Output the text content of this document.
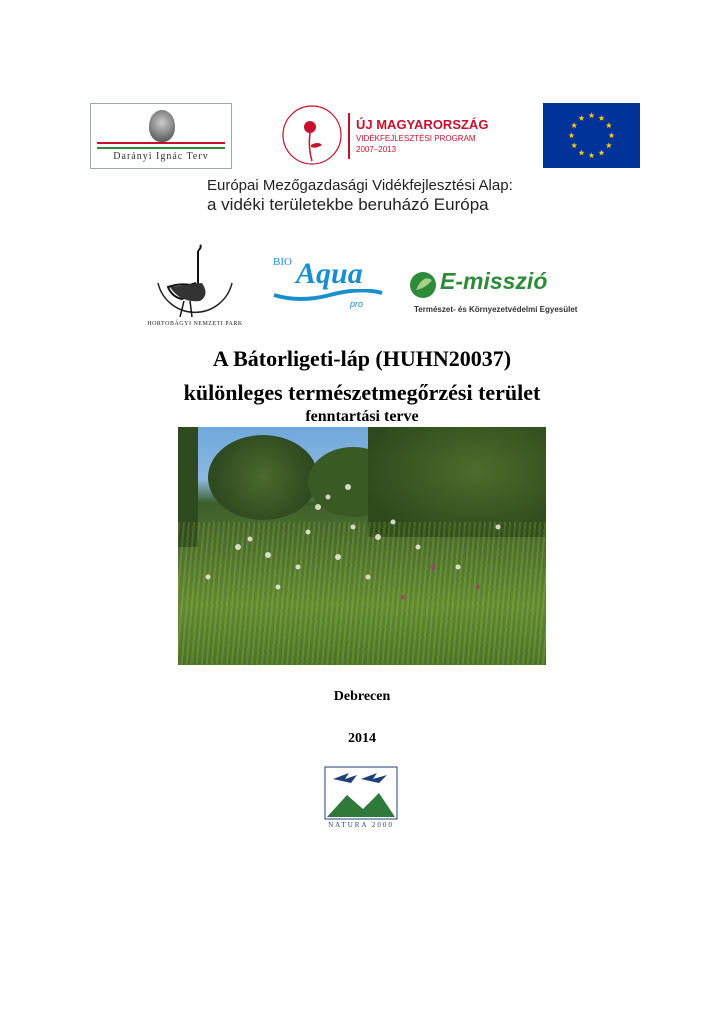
Darányi Ignác Terv
ÚJ MAGYARORSZÁG
VIDÉKFEJLESZTÉSI PROGRAM
2007–2013
Európai Mezőgazdasági Vidékfejlesztési Alap:
a vidéki területekbe beruházó Európa
HORTOBÁGYI NEMZETI PARK
BIO Aqua
pro
E-misszió
Természet- és Környezetvédelmi Egyesület
A Bátorligeti-láp (HUHN20037)
különleges természetmegőrzési terület
fenntartási terve
Debrecen
2014
NATURA 2000
